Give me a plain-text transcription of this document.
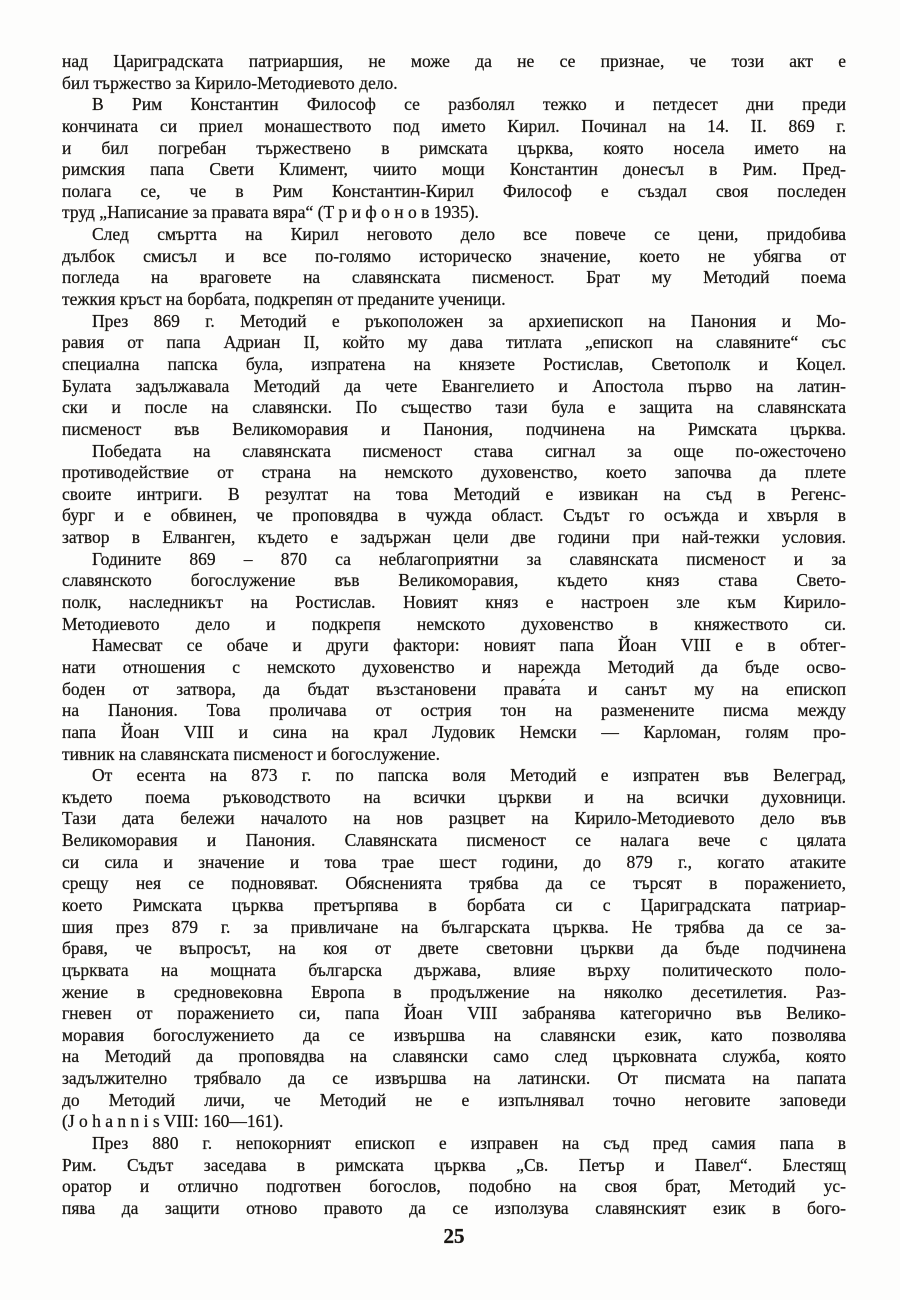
над Цариградската патриаршия, не може да не се признае, че този акт е
бил тържество за Кирило-Методиевото дело.
В Рим Константин Философ се разболял тежко и петдесет дни преди
кончината си приел монашеството под името Кирил. Починал на 14. II. 869 г.
и бил погребан тържествено в римската църква, която носела името на
римския папа Свети Климент, чиито мощи Константин донесъл в Рим. Пред-
полага се, че в Рим Константин-Кирил Философ е създал своя последен
труд „Написание за правата вяра“ (Т р и ф о н о в 1935).
След смъртта на Кирил неговото дело все повече се цени, придобива
дълбок смисъл и все по-голямо историческо значение, което не убягва от
погледа на враговете на славянската писменост. Брат му Методий поема
тежкия кръст на борбата, подкрепян от преданите ученици.
През 869 г. Методий е ръкоположен за архиепископ на Панония и Мо-
равия от папа Адриан II, който му дава титлата „епископ на славяните“ със
специална папска була, изпратена на князете Ростислав, Светополк и Коцел.
Булата задължавала Методий да чете Евангелието и Апостола първо на латин-
ски и после на славянски. По същество тази була е защита на славянската
писменост във Великоморавия и Панония, подчинена на Римската църква.
Победата на славянската писменост става сигнал за още по-ожесточено
противодействие от страна на немското духовенство, което започва да плете
своите интриги. В резултат на това Методий е извикан на съд в Регенс-
бург и е обвинен, че проповядва в чужда област. Съдът го осъжда и хвърля в
затвор в Елванген, където е задържан цели две години при най-тежки условия.
Годините 869 – 870 са неблагоприятни за славянската писменост и за
славянското богослужение във Великоморавия, където княз става Свето-
полк, наследникът на Ростислав. Новият княз е настроен зле към Кирило-
Методиевото дело и подкрепя немското духовенство в княжеството си.
Намесват се обаче и други фактори: новият папа Йоан VIII е в обтег-
нати отношения с немското духовенство и нарежда Методий да бъде осво-
боден от затвора, да бъдат възстановени права́та и санът му на епископ
на Панония. Това проличава от острия тон на разменените писма между
папа Йоан VIII и сина на крал Лудовик Немски — Карломан, голям про-
тивник на славянската писменост и богослужение.
От есента на 873 г. по папска воля Методий е изпратен във Велеград,
където поема ръководството на всички църкви и на всички духовници.
Тази дата бележи началото на нов разцвет на Кирило-Методиевото дело във
Великоморавия и Панония. Славянската писменост се налага вече с цялата
си сила и значение и това трае шест години, до 879 г., когато атаките
срещу нея се подновяват. Обясненията трябва да се търсят в поражението,
което Римската църква претърпява в борбата си с Цариградската патриар-
шия през 879 г. за привличане на българската църква. Не трябва да се за-
бравя, че въпросът, на коя от двете световни църкви да бъде подчинена
църквата на мощната българска държава, влияе върху политическото поло-
жение в средновековна Европа в продължение на няколко десетилетия. Раз-
гневен от поражението си, папа Йоан VIII забранява категорично във Велико-
моравия богослужението да се извършва на славянски език, като позволява
на Методий да проповядва на славянски само след църковната служба, която
задължително трябвало да се извършва на латински. От писмата на папата
до Методий личи, че Методий не е изпълнявал точно неговите заповеди
(J o h a n n i s VIII: 160—161).
През 880 г. непокорният епископ е изправен на съд пред самия папа в
Рим. Съдът заседава в римската църква „Св. Петър и Павел“. Блестящ
оратор и отлично подготвен богослов, подобно на своя брат, Методий ус-
пява да защити отново правото да се използува славянският език в бого-
25
